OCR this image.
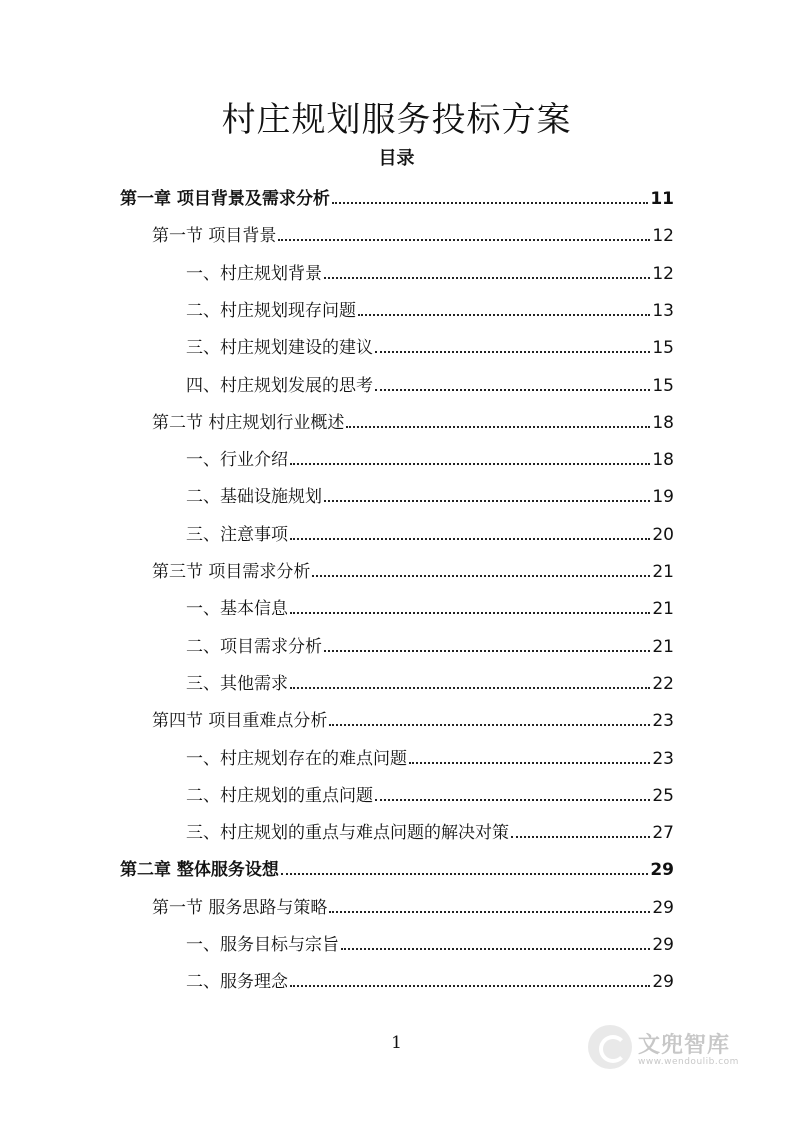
村庄规划服务投标方案
目录
第一章 项目背景及需求分析	11
第一节 项目背景	12
一、村庄规划背景	12
二、村庄规划现存问题	13
三、村庄规划建设的建议	15
四、村庄规划发展的思考	15
第二节 村庄规划行业概述	18
一、行业介绍	18
二、基础设施规划	19
三、注意事项	20
第三节 项目需求分析	21
一、基本信息	21
二、项目需求分析	21
三、其他需求	22
第四节 项目重难点分析	23
一、村庄规划存在的难点问题	23
二、村庄规划的重点问题	25
三、村庄规划的重点与难点问题的解决对策	27
第二章 整体服务设想	29
第一节 服务思路与策略	29
一、服务目标与宗旨	29
二、服务理念	29
1	文兜智库
www.wendoulib.com
